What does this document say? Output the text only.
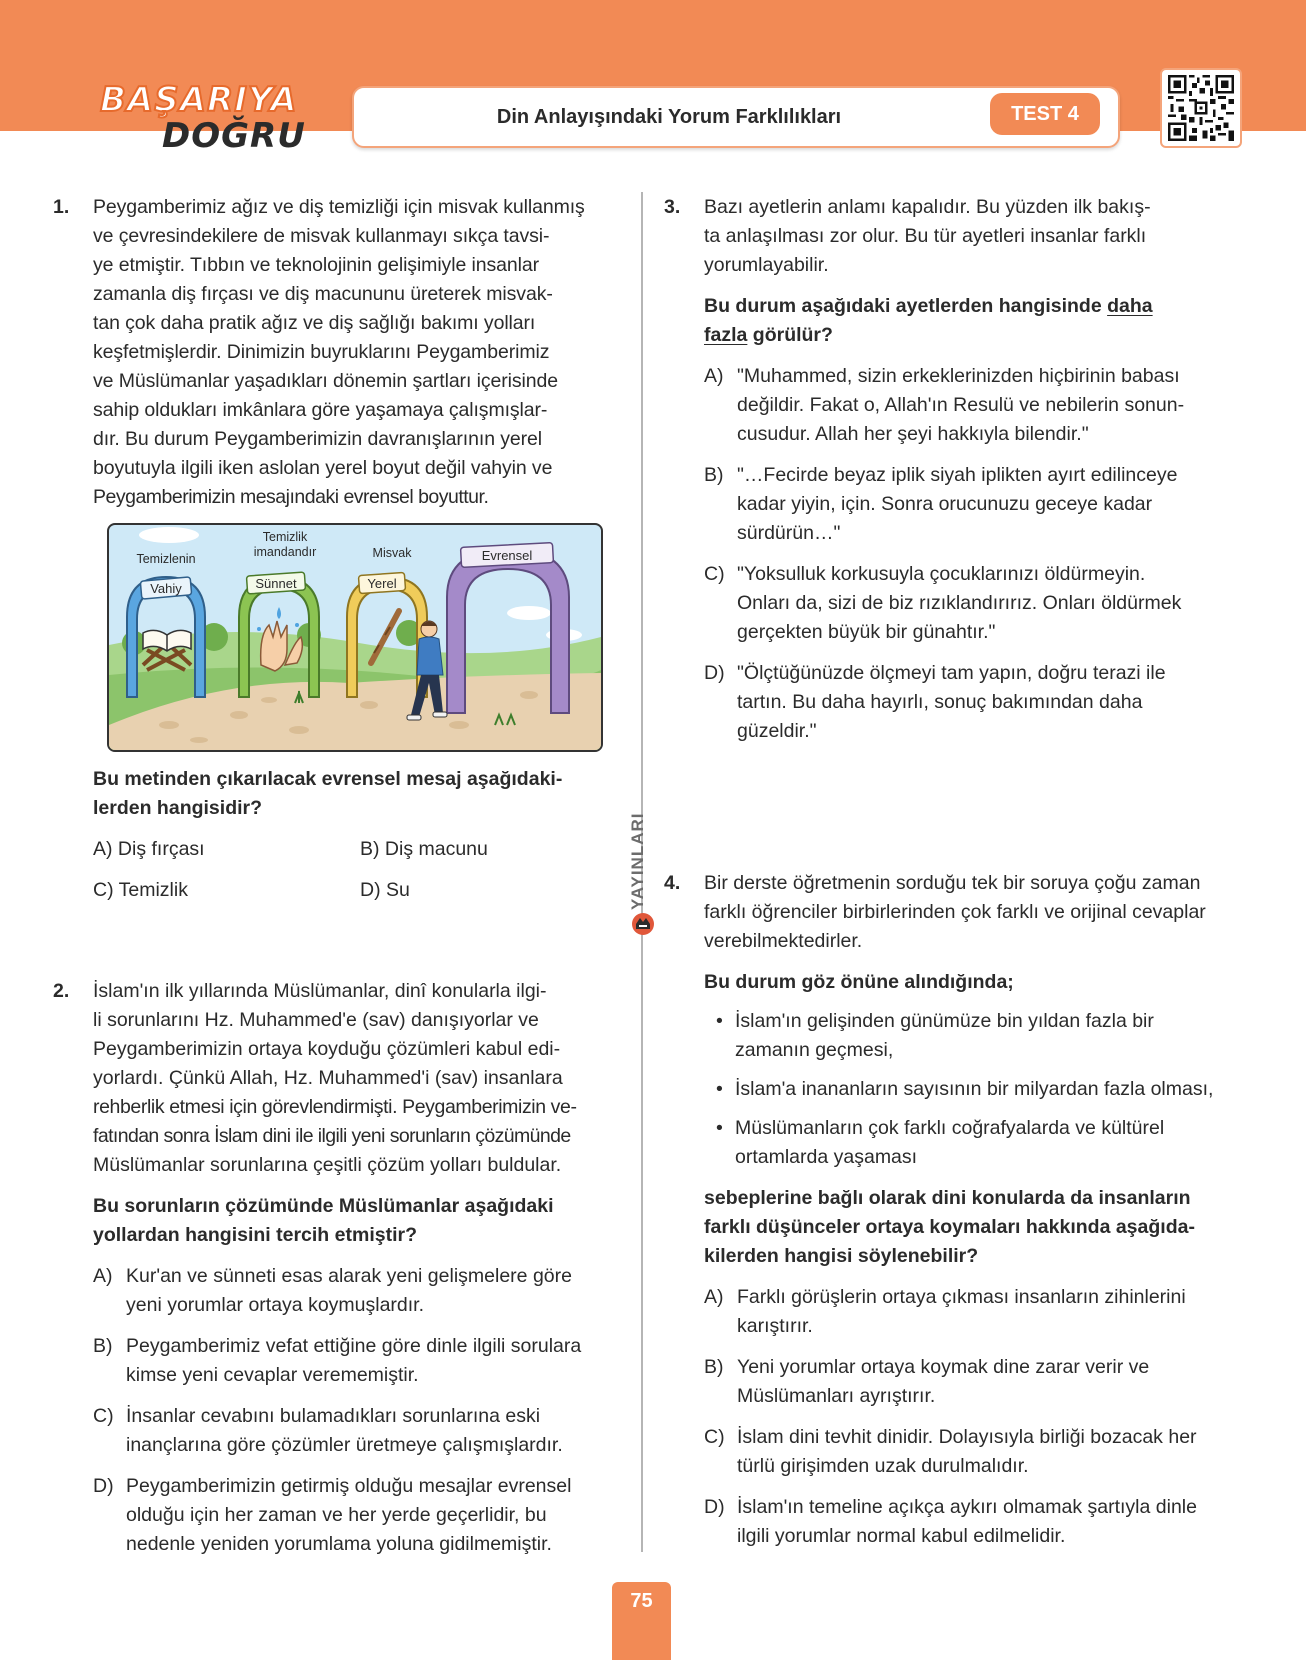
BAŞARIYA
DOĞRU	Din Anlayışındaki Yorum Farklılıkları	TEST 4
YAYINLARI
1. Peygamberimiz ağız ve diş temizliği için misvak kullanmış

ve çevresindekilere de misvak kullanmayı sıkça tavsi-

ye etmiştir. Tıbbın ve teknolojinin gelişimiyle insanlar

zamanla diş fırçası ve diş macununu üreterek misvak-

tan çok daha pratik ağız ve diş sağlığı bakımı yolları

keşfetmişlerdir. Dinimizin buyruklarını Peygamberimiz

ve Müslümanlar yaşadıkları dönemin şartları içerisinde

sahip oldukları imkânlara göre yaşamaya çalışmışlar-

dır. Bu durum Peygamberimizin davranışlarının yerel

boyutuyla ilgili iken aslolan yerel boyut değil vahyin ve

Peygamberimizin mesajındaki evrensel boyuttur.

Vahiy	Sünnet	Yerel
Evrensel
Temizlenin
Temizlik
imandandır	Misvak

Bu metinden çıkarılacak evrensel mesaj aşağıdaki-

lerden hangisidir?

A) Diş fırçası	B) Diş macunu
C) Temizlik	D) Su
2. İslam'ın ilk yıllarında Müslümanlar, dinî konularla ilgi-

li sorunlarını Hz. Muhammed'e (sav) danışıyorlar ve

Peygamberimizin ortaya koyduğu çözümleri kabul edi-

yorlardı. Çünkü Allah, Hz. Muhammed'i (sav) insanlara

rehberlik etmesi için görevlendirmişti. Peygamberimizin ve-

fatından sonra İslam dini ile ilgili yeni sorunların çözümünde

Müslümanlar sorunlarına çeşitli çözüm yolları buldular.

Bu sorunların çözümünde Müslümanlar aşağıdaki

yollardan hangisini tercih etmiştir?

A) Kur'an ve sünneti esas alarak yeni gelişmelere göre

yeni yorumlar ortaya koymuşlardır.

B) Peygamberimiz vefat ettiğine göre dinle ilgili sorulara

kimse yeni cevaplar verememiştir.

C) İnsanlar cevabını bulamadıkları sorunlarına eski

inançlarına göre çözümler üretmeye çalışmışlardır.

D) Peygamberimizin getirmiş olduğu mesajlar evrensel

olduğu için her zaman ve her yerde geçerlidir, bu

nedenle yeniden yorumlama yoluna gidilmemiştir.

3. Bazı ayetlerin anlamı kapalıdır. Bu yüzden ilk bakış-

ta anlaşılması zor olur. Bu tür ayetleri insanlar farklı

yorumlayabilir.

Bu durum aşağıdaki ayetlerden hangisinde daha

fazla görülür?

A) "Muhammed, sizin erkeklerinizden hiçbirinin babası

değildir. Fakat o, Allah'ın Resulü ve nebilerin sonun-

cusudur. Allah her şeyi hakkıyla bilendir."

B) "…Fecirde beyaz iplik siyah iplikten ayırt edilinceye

kadar yiyin, için. Sonra orucunuzu geceye kadar

sürdürün…"

C) "Yoksulluk korkusuyla çocuklarınızı öldürmeyin.

Onları da, sizi de biz rızıklandırırız. Onları öldürmek

gerçekten büyük bir günahtır."

D) "Ölçtüğünüzde ölçmeyi tam yapın, doğru terazi ile

tartın. Bu daha hayırlı, sonuç bakımından daha

güzeldir."

4. Bir derste öğretmenin sorduğu tek bir soruya çoğu zaman

farklı öğrenciler birbirlerinden çok farklı ve orijinal cevaplar

verebilmektedirler.

Bu durum göz önüne alındığında;

• İslam'ın gelişinden günümüze bin yıldan fazla bir

zamanın geçmesi,

• İslam'a inananların sayısının bir milyardan fazla olması,

• Müslümanların çok farklı coğrafyalarda ve kültürel

ortamlarda yaşaması

sebeplerine bağlı olarak dini konularda da insanların

farklı düşünceler ortaya koymaları hakkında aşağıda-

kilerden hangisi söylenebilir?

A) Farklı görüşlerin ortaya çıkması insanların zihinlerini

karıştırır.

B) Yeni yorumlar ortaya koymak dine zarar verir ve

Müslümanları ayrıştırır.

C) İslam dini tevhit dinidir. Dolayısıyla birliği bozacak her

türlü girişimden uzak durulmalıdır.

D) İslam'ın temeline açıkça aykırı olmamak şartıyla dinle

ilgili yorumlar normal kabul edilmelidir.

75
